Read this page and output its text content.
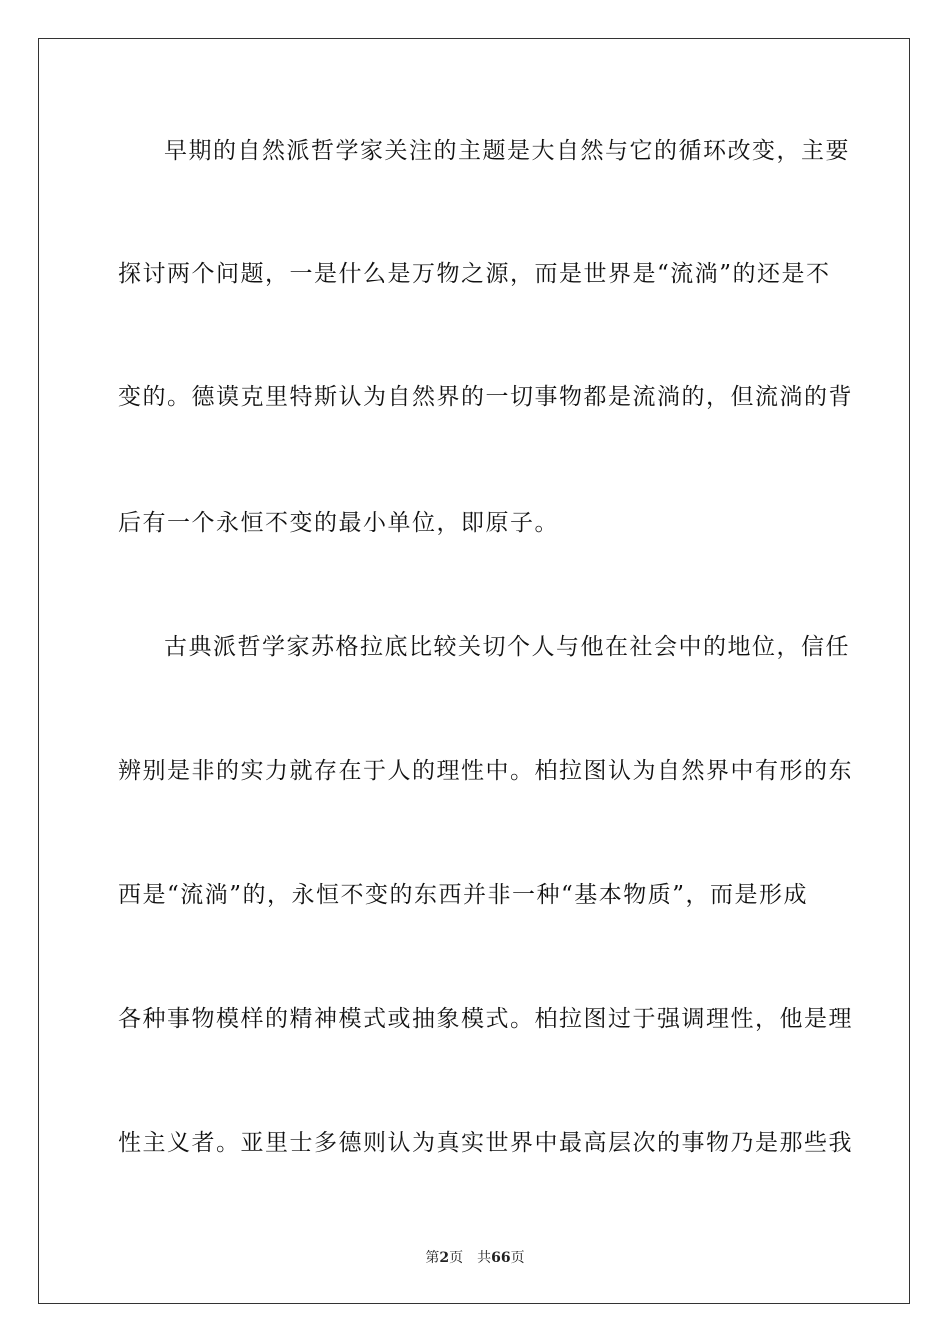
早期的自然派哲学家关注的主题是大自然与它的循环改变，主要
探讨两个问题，一是什么是万物之源，而是世界是“流淌”的还是不
变的。德谟克里特斯认为自然界的一切事物都是流淌的，但流淌的背
后有一个永恒不变的最小单位，即原子。
古典派哲学家苏格拉底比较关切个人与他在社会中的地位，信任
辨别是非的实力就存在于人的理性中。柏拉图认为自然界中有形的东
西是“流淌”的，永恒不变的东西并非一种“基本物质”，而是形成
各种事物模样的精神模式或抽象模式。柏拉图过于强调理性，他是理
性主义者。亚里士多德则认为真实世界中最高层次的事物乃是那些我
第2页 共66页
